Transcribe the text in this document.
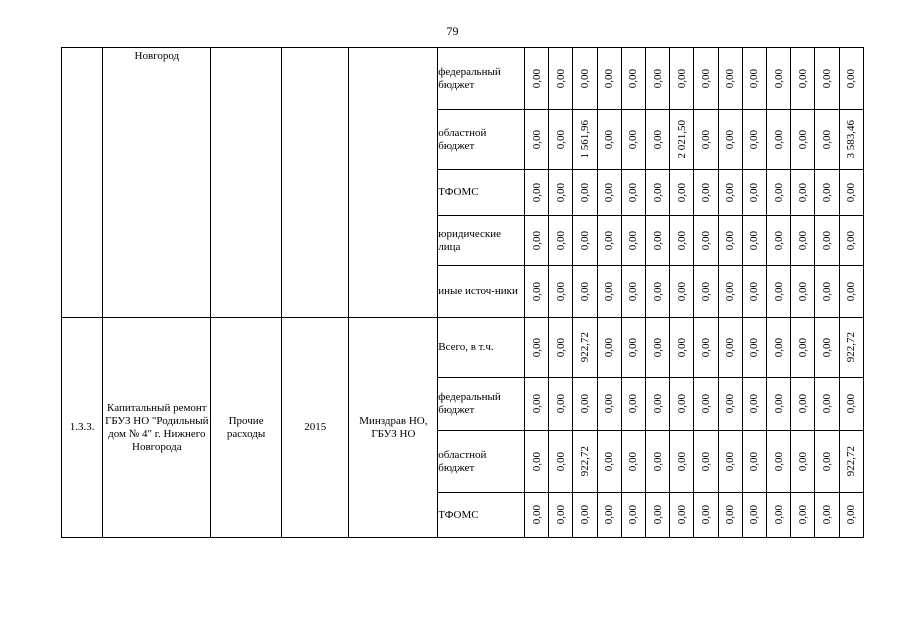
79
	Новгород				федеральный бюджет	0,00	0,00	0,00	0,00	0,00	0,00	0,00	0,00	0,00	0,00	0,00	0,00	0,00	0,00

					областной бюджет	0,00	0,00	1 561,96	0,00	0,00	0,00	2 021,50	0,00	0,00	0,00	0,00	0,00	0,00	3 583,46

					ТФОМС	0,00	0,00	0,00	0,00	0,00	0,00	0,00	0,00	0,00	0,00	0,00	0,00	0,00	0,00

					юридические лица	0,00	0,00	0,00	0,00	0,00	0,00	0,00	0,00	0,00	0,00	0,00	0,00	0,00	0,00

					иные источ-ники	0,00	0,00	0,00	0,00	0,00	0,00	0,00	0,00	0,00	0,00	0,00	0,00	0,00	0,00

1.3.3.	Капитальный ремонт ГБУЗ НО "Родильный дом № 4" г. Нижнего Новгорода	Прочие расходы	2015	Минздрав НО, ГБУЗ НО	Всего, в т.ч.	0,00	0,00	922,72	0,00	0,00	0,00	0,00	0,00	0,00	0,00	0,00	0,00	0,00	922,72

					федеральный бюджет	0,00	0,00	0,00	0,00	0,00	0,00	0,00	0,00	0,00	0,00	0,00	0,00	0,00	0,00

					областной бюджет	0,00	0,00	922,72	0,00	0,00	0,00	0,00	0,00	0,00	0,00	0,00	0,00	0,00	922,72

					ТФОМС	0,00	0,00	0,00	0,00	0,00	0,00	0,00	0,00	0,00	0,00	0,00	0,00	0,00	0,00
